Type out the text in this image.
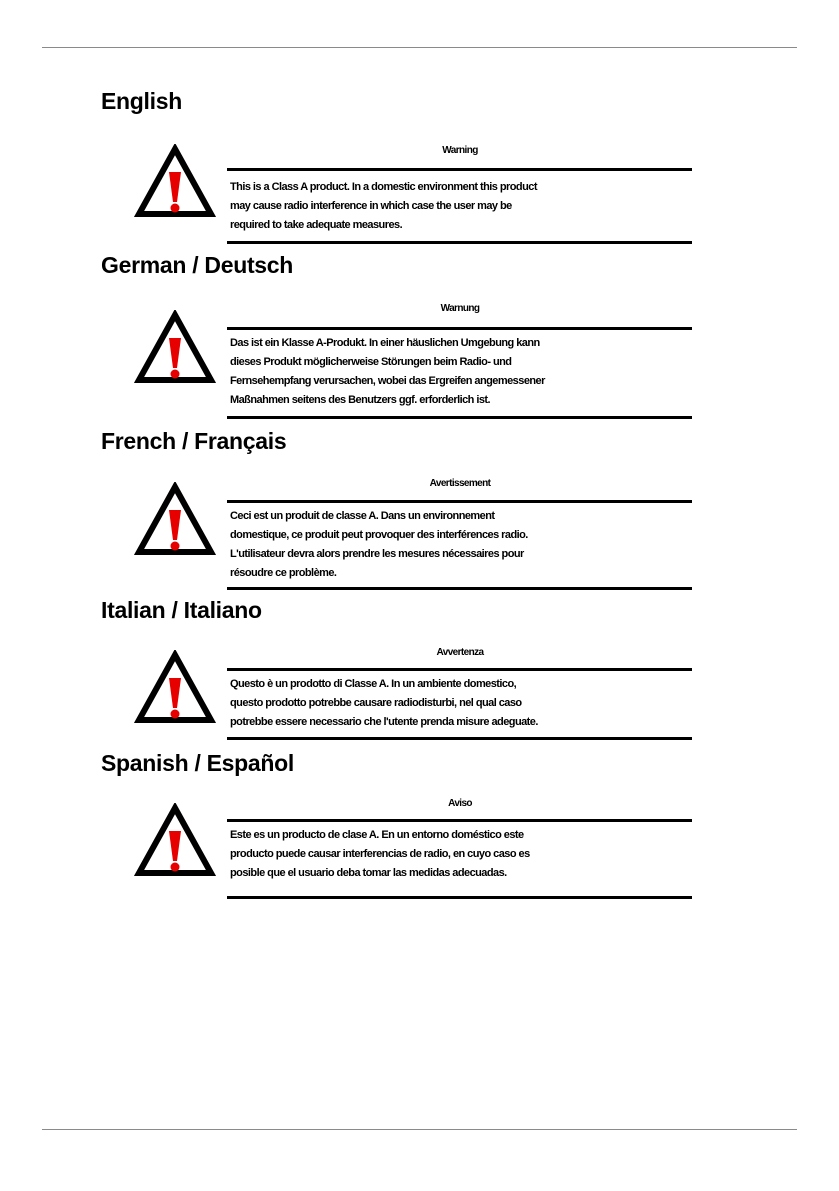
English
Warning
This is a Class A product. In a domestic environment this product
may cause radio interference in which case the user may be
required to take adequate measures.
German / Deutsch
Warnung
Das ist ein Klasse A-Produkt. In einer häuslichen Umgebung kann
dieses Produkt möglicherweise Störungen beim Radio- und
Fernsehempfang verursachen, wobei das Ergreifen angemessener
Maßnahmen seitens des Benutzers ggf. erforderlich ist.
French / Français
Avertissement
Ceci est un produit de classe A. Dans un environnement
domestique, ce produit peut provoquer des interférences radio.
L'utilisateur devra alors prendre les mesures nécessaires pour
résoudre ce problème.
Italian / Italiano
Avvertenza
Questo è un prodotto di Classe A. In un ambiente domestico,
questo prodotto potrebbe causare radiodisturbi, nel qual caso
potrebbe essere necessario che l'utente prenda misure adeguate.
Spanish / Español
Aviso
Este es un producto de clase A. En un entorno doméstico este
producto puede causar interferencias de radio, en cuyo caso es
posible que el usuario deba tomar las medidas adecuadas.
